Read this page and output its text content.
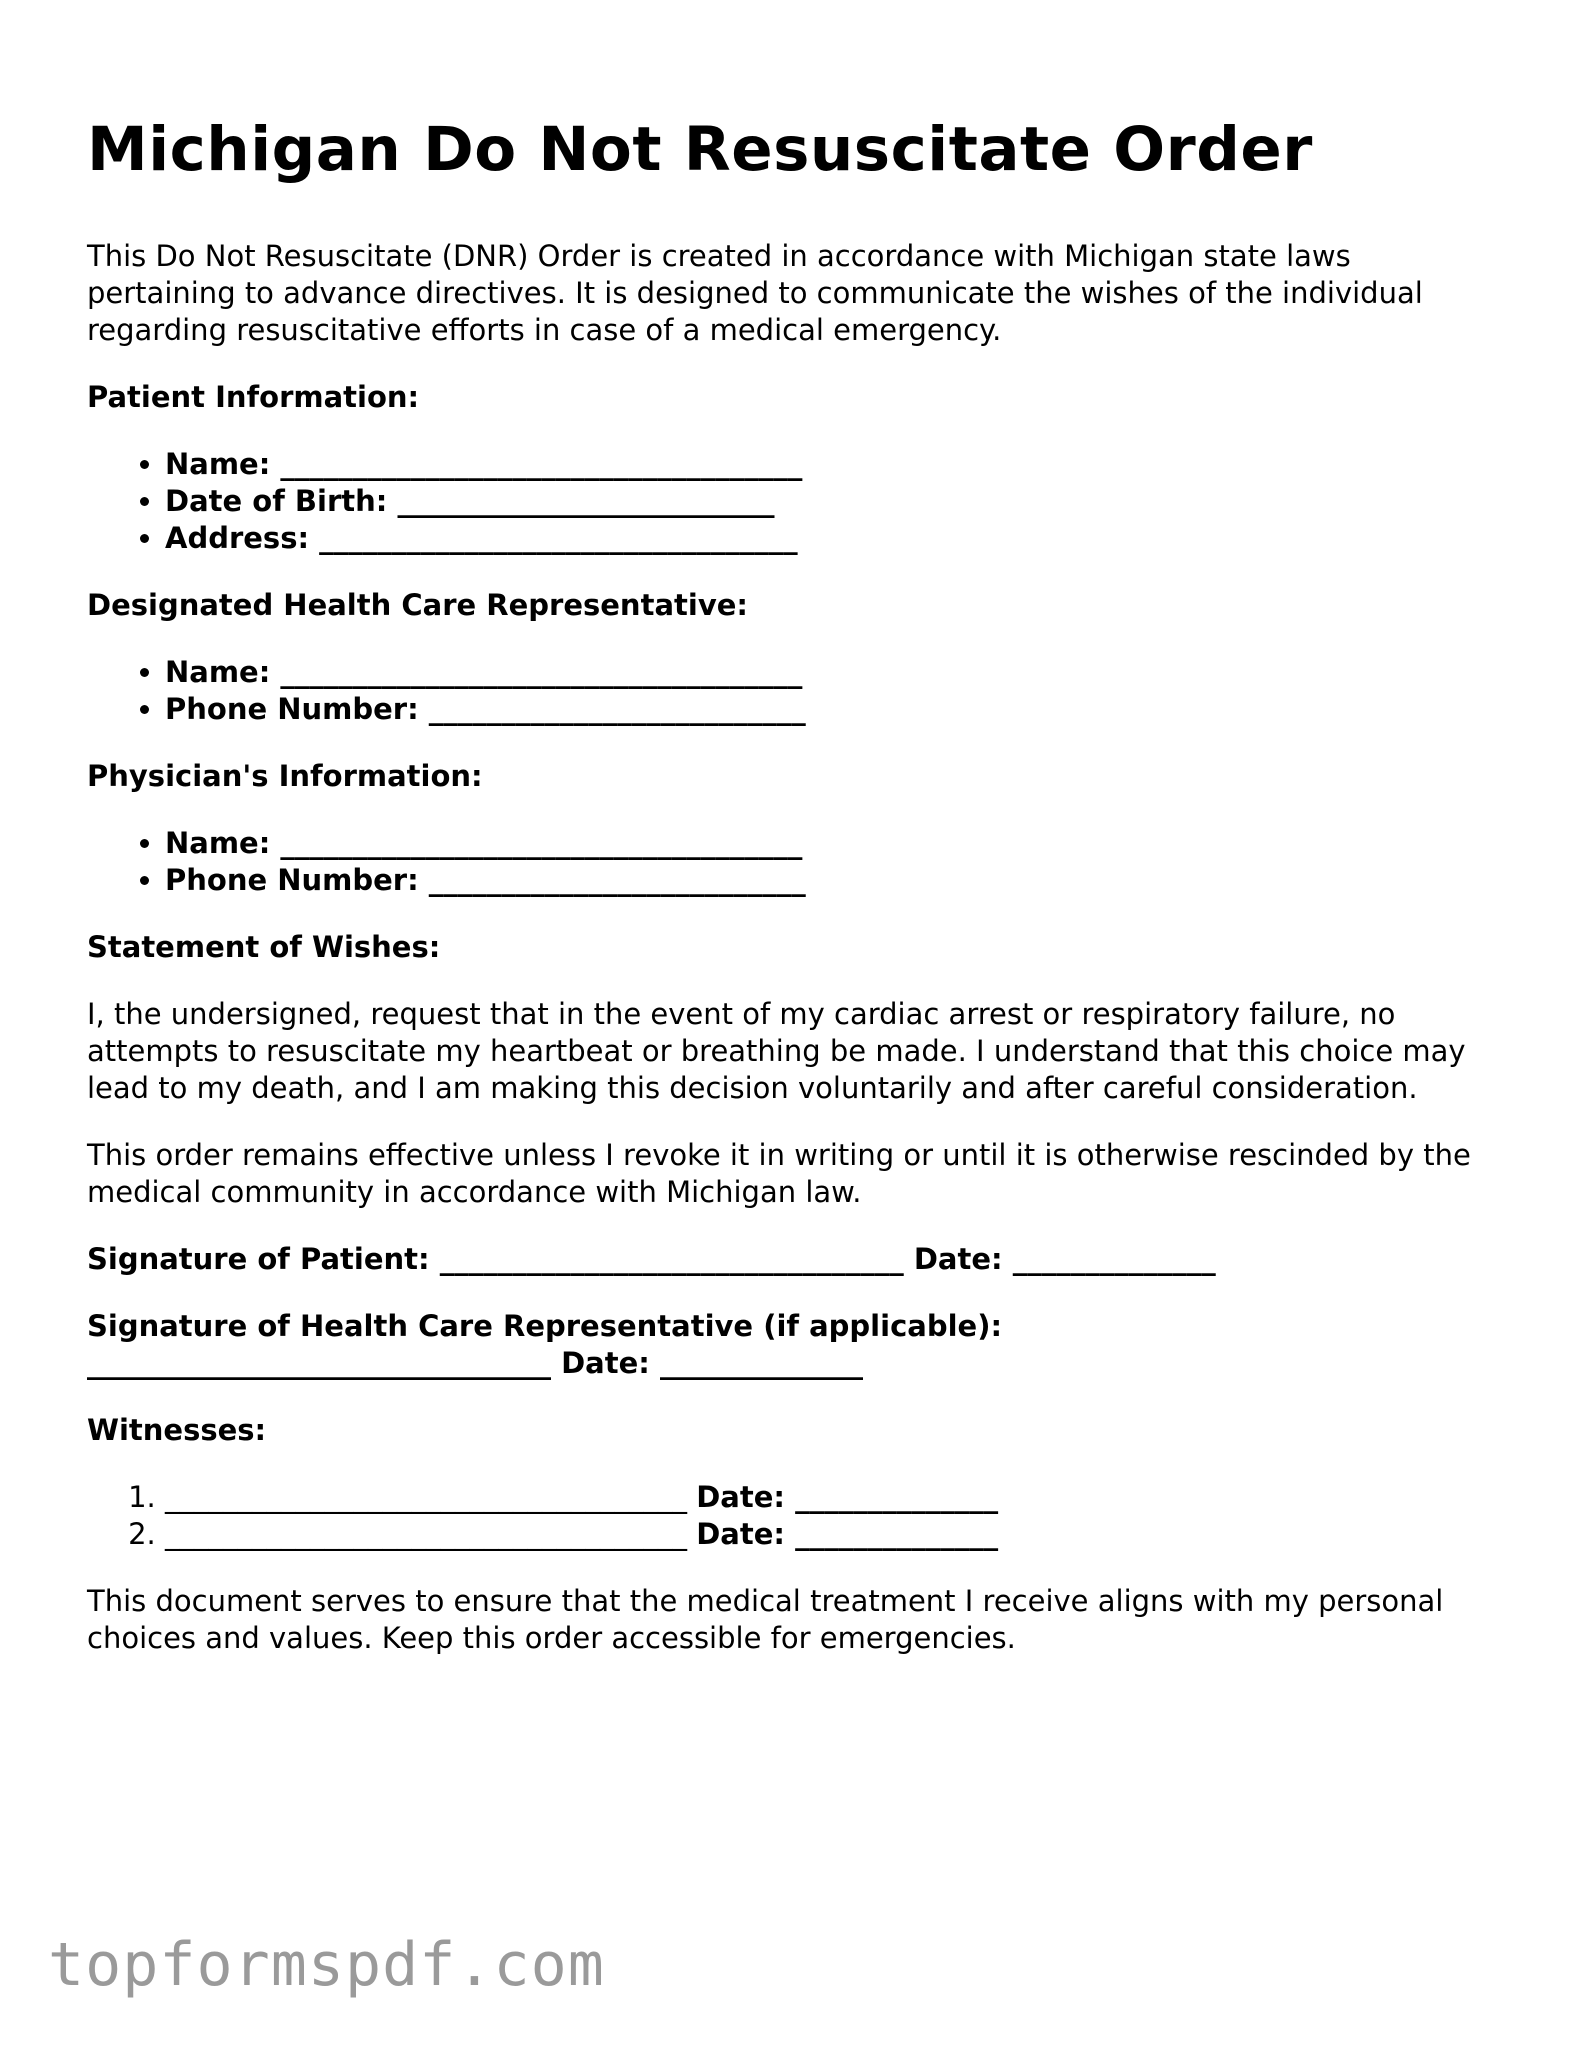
Michigan Do Not Resuscitate Order

This Do Not Resuscitate (DNR) Order is created in accordance with Michigan state laws pertaining to advance directives. It is designed to communicate the wishes of the individual regarding resuscitative efforts in case of a medical emergency.

Patient Information:
• Name: ____________________________________
• Date of Birth: __________________________
• Address: _________________________________
Designated Health Care Representative:
• Name: ____________________________________
• Phone Number: __________________________
Physician's Information:
• Name: ____________________________________
• Phone Number: __________________________
Statement of Wishes:

I, the undersigned, request that in the event of my cardiac arrest or respiratory failure, no attempts to resuscitate my heartbeat or breathing be made. I understand that this choice may lead to my death, and I am making this decision voluntarily and after careful consideration.

This order remains effective unless I revoke it in writing or until it is otherwise rescinded by the medical community in accordance with Michigan law.

Signature of Patient: ________________________________ Date: ______________
Signature of Health Care Representative (if applicable):
________________________________ Date: ______________
Witnesses:
1. ____________________________________ Date: ______________
2. ____________________________________ Date: ______________

This document serves to ensure that the medical treatment I receive aligns with my personal choices and values. Keep this order accessible for emergencies.

topformspdf.com
